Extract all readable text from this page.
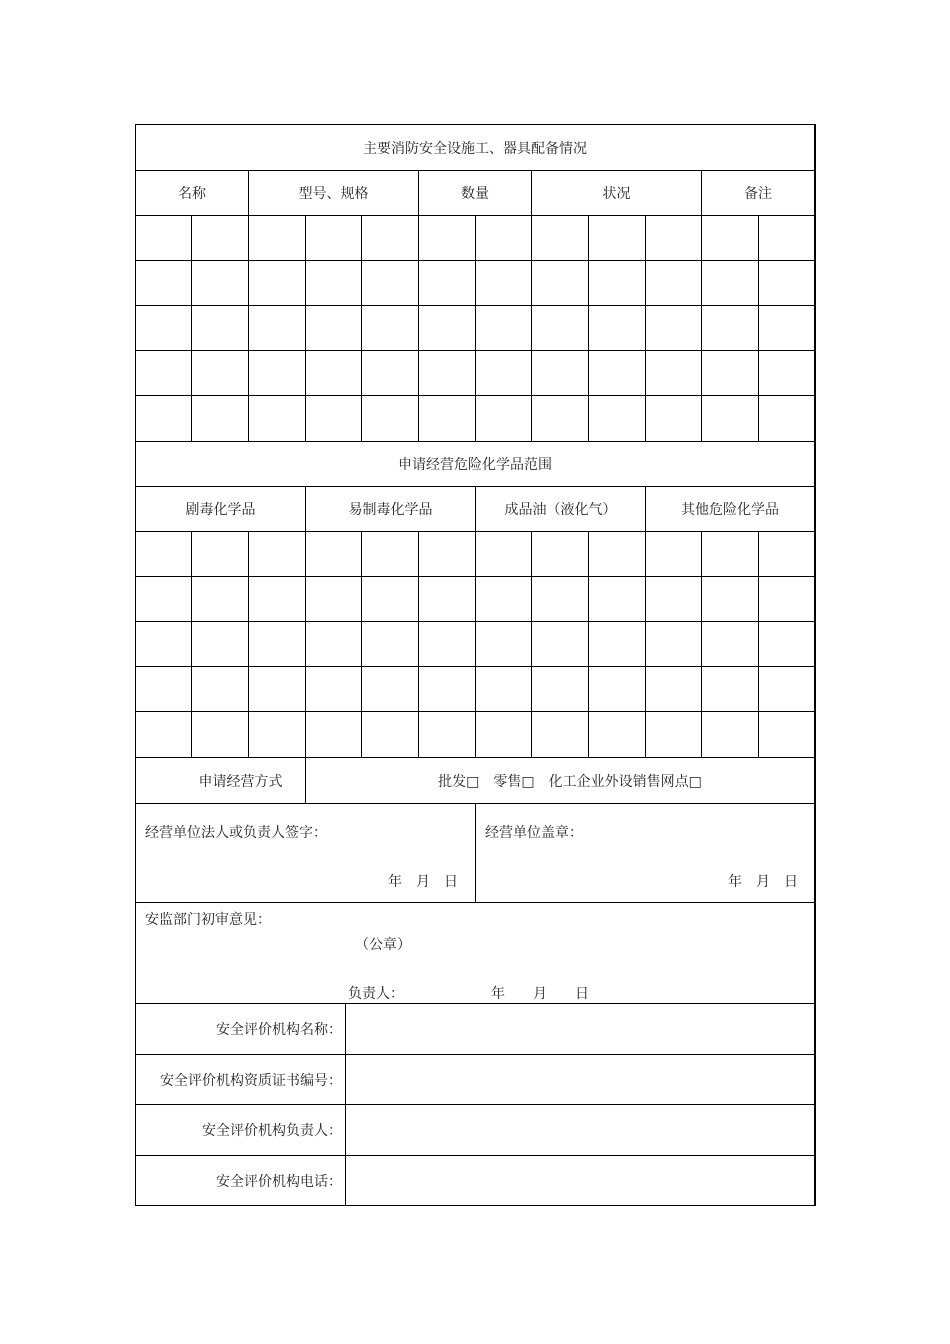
主要消防安全设施工、器具配备情况
名称	型号、规格	数量	状况	备注
申请经营危险化学品范围
剧毒化学品	易制毒化学品	成品油（液化气）	其他危险化学品
申请经营方式	批发□　零售□　化工企业外设销售网点□
经营单位法人或负责人签字：
年　月　日
经营单位盖章：
年　月　日
安监部门初审意见：
（公章）
负责人：	年　　月　　日
安全评价机构名称：
安全评价机构资质证书编号：
安全评价机构负责人：
安全评价机构电话：
